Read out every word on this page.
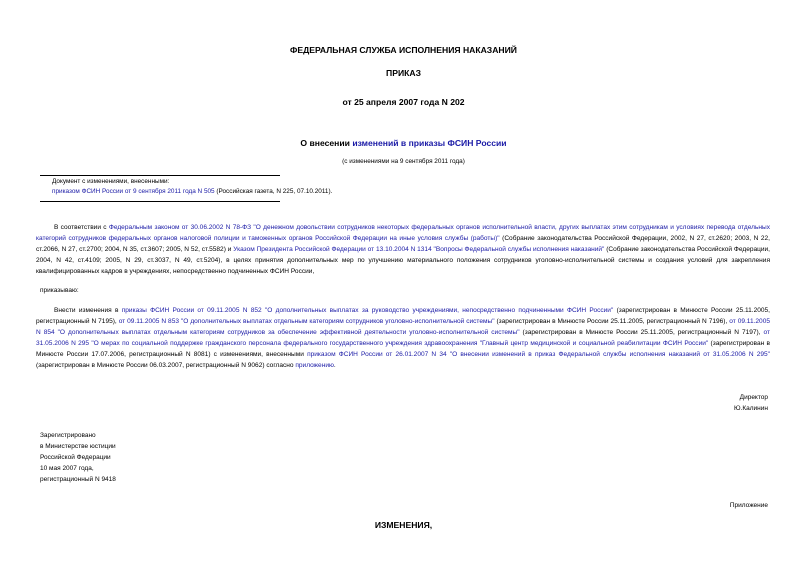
ФЕДЕРАЛЬНАЯ СЛУЖБА ИСПОЛНЕНИЯ НАКАЗАНИЙ
ПРИКАЗ
от 25 апреля 2007 года N 202
О внесении изменений в приказы ФСИН России
(с изменениями на 9 сентября 2011 года)
Документ с изменениями, внесенными:
приказом ФСИН России от 9 сентября 2011 года N 505 (Российская газета, N 225, 07.10.2011).
В соответствии с Федеральным законом от 30.06.2002 N 78-ФЗ "О денежном довольствии сотрудников некоторых федеральных органов исполнительной власти, других выплатах этим сотрудникам и условиях перевода отдельных категорий сотрудников федеральных органов налоговой полиции и таможенных органов Российской Федерации на иные условия службы (работы)" (Собрание законодательства Российской Федерации, 2002, N 27, ст.2620; 2003, N 22, ст.2066, N 27, ст.2700; 2004, N 35, ст.3607; 2005, N 52, ст.5582) и Указом Президента Российской Федерации от 13.10.2004 N 1314 "Вопросы Федеральной службы исполнения наказаний" (Собрание законодательства Российской Федерации, 2004, N 42, ст.4109; 2005, N 29, ст.3037, N 49, ст.5204), в целях принятия дополнительных мер по улучшению материального положения сотрудников уголовно-исполнительной системы и создания условий для закрепления квалифицированных кадров в учреждениях, непосредственно подчиненных ФСИН России,
приказываю:
Внести изменения в приказы ФСИН России от 09.11.2005 N 852 "О дополнительных выплатах за руководство учреждениями, непосредственно подчиненными ФСИН России" (зарегистрирован в Минюсте России 25.11.2005, регистрационный N 7195), от 09.11.2005 N 853 "О дополнительных выплатах отдельным категориям сотрудников уголовно-исполнительной системы" (зарегистрирован в Минюсте России 25.11.2005, регистрационный N 7196), от 09.11.2005 N 854 "О дополнительных выплатах отдельным категориям сотрудников за обеспечение эффективной деятельности уголовно-исполнительной системы" (зарегистрирован в Минюсте России 25.11.2005, регистрационный N 7197), от 31.05.2006 N 295 "О мерах по социальной поддержке гражданского персонала федерального государственного учреждения здравоохранения "Главный центр медицинской и социальной реабилитации ФСИН России" (зарегистрирован в Минюсте России 17.07.2006, регистрационный N 8081) с изменениями, внесенными приказом ФСИН России от 26.01.2007 N 34 "О внесении изменений в приказ Федеральной службы исполнения наказаний от 31.05.2006 N 295" (зарегистрирован в Минюсте России 06.03.2007, регистрационный N 9062) согласно приложению.
Директор
Ю.Калинин
Зарегистрировано
в Министерстве юстиции
Российской Федерации
10 мая 2007 года,
регистрационный N 9418
Приложение
ИЗМЕНЕНИЯ,
